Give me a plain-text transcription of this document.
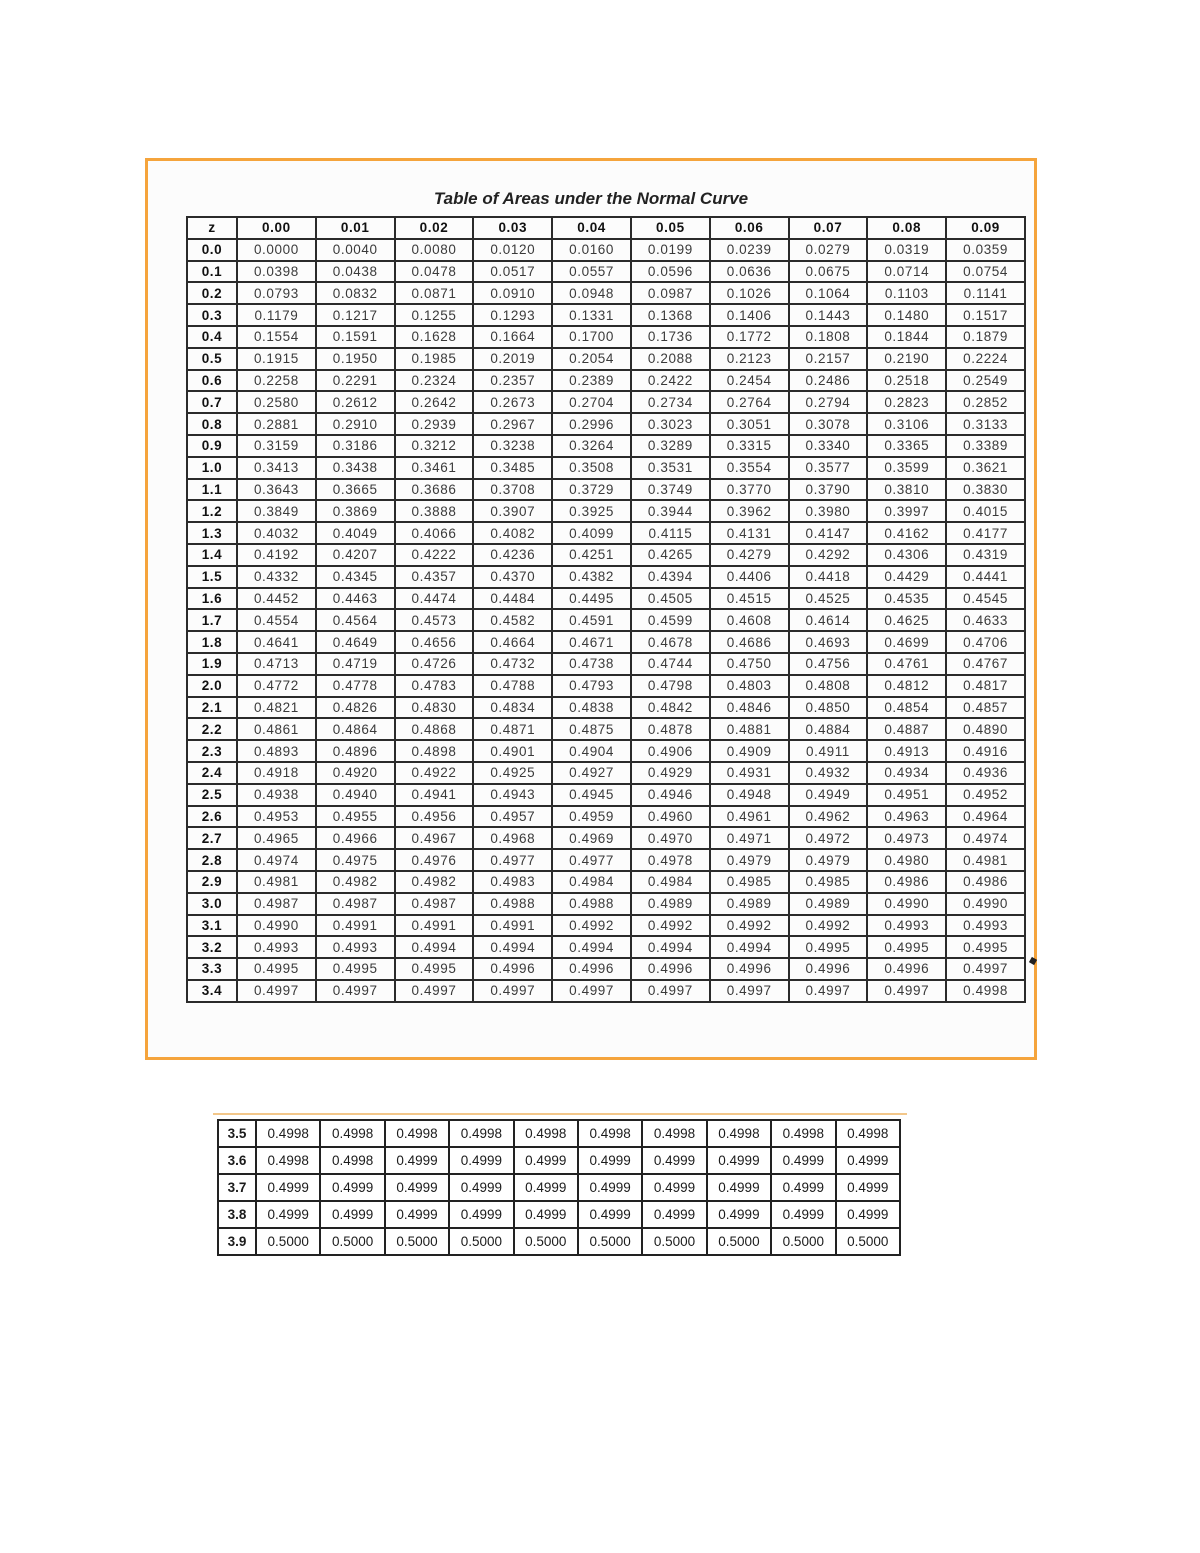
Table of Areas under the Normal Curve
z	0.00	0.01	0.02	0.03	0.04	0.05	0.06	0.07	0.08	0.09
0.0	0.0000	0.0040	0.0080	0.0120	0.0160	0.0199	0.0239	0.0279	0.0319	0.0359
0.1	0.0398	0.0438	0.0478	0.0517	0.0557	0.0596	0.0636	0.0675	0.0714	0.0754
0.2	0.0793	0.0832	0.0871	0.0910	0.0948	0.0987	0.1026	0.1064	0.1103	0.1141
0.3	0.1179	0.1217	0.1255	0.1293	0.1331	0.1368	0.1406	0.1443	0.1480	0.1517
0.4	0.1554	0.1591	0.1628	0.1664	0.1700	0.1736	0.1772	0.1808	0.1844	0.1879
0.5	0.1915	0.1950	0.1985	0.2019	0.2054	0.2088	0.2123	0.2157	0.2190	0.2224
0.6	0.2258	0.2291	0.2324	0.2357	0.2389	0.2422	0.2454	0.2486	0.2518	0.2549
0.7	0.2580	0.2612	0.2642	0.2673	0.2704	0.2734	0.2764	0.2794	0.2823	0.2852
0.8	0.2881	0.2910	0.2939	0.2967	0.2996	0.3023	0.3051	0.3078	0.3106	0.3133
0.9	0.3159	0.3186	0.3212	0.3238	0.3264	0.3289	0.3315	0.3340	0.3365	0.3389
1.0	0.3413	0.3438	0.3461	0.3485	0.3508	0.3531	0.3554	0.3577	0.3599	0.3621
1.1	0.3643	0.3665	0.3686	0.3708	0.3729	0.3749	0.3770	0.3790	0.3810	0.3830
1.2	0.3849	0.3869	0.3888	0.3907	0.3925	0.3944	0.3962	0.3980	0.3997	0.4015
1.3	0.4032	0.4049	0.4066	0.4082	0.4099	0.4115	0.4131	0.4147	0.4162	0.4177
1.4	0.4192	0.4207	0.4222	0.4236	0.4251	0.4265	0.4279	0.4292	0.4306	0.4319
1.5	0.4332	0.4345	0.4357	0.4370	0.4382	0.4394	0.4406	0.4418	0.4429	0.4441
1.6	0.4452	0.4463	0.4474	0.4484	0.4495	0.4505	0.4515	0.4525	0.4535	0.4545
1.7	0.4554	0.4564	0.4573	0.4582	0.4591	0.4599	0.4608	0.4614	0.4625	0.4633
1.8	0.4641	0.4649	0.4656	0.4664	0.4671	0.4678	0.4686	0.4693	0.4699	0.4706
1.9	0.4713	0.4719	0.4726	0.4732	0.4738	0.4744	0.4750	0.4756	0.4761	0.4767
2.0	0.4772	0.4778	0.4783	0.4788	0.4793	0.4798	0.4803	0.4808	0.4812	0.4817
2.1	0.4821	0.4826	0.4830	0.4834	0.4838	0.4842	0.4846	0.4850	0.4854	0.4857
2.2	0.4861	0.4864	0.4868	0.4871	0.4875	0.4878	0.4881	0.4884	0.4887	0.4890
2.3	0.4893	0.4896	0.4898	0.4901	0.4904	0.4906	0.4909	0.4911	0.4913	0.4916
2.4	0.4918	0.4920	0.4922	0.4925	0.4927	0.4929	0.4931	0.4932	0.4934	0.4936
2.5	0.4938	0.4940	0.4941	0.4943	0.4945	0.4946	0.4948	0.4949	0.4951	0.4952
2.6	0.4953	0.4955	0.4956	0.4957	0.4959	0.4960	0.4961	0.4962	0.4963	0.4964
2.7	0.4965	0.4966	0.4967	0.4968	0.4969	0.4970	0.4971	0.4972	0.4973	0.4974
2.8	0.4974	0.4975	0.4976	0.4977	0.4977	0.4978	0.4979	0.4979	0.4980	0.4981
2.9	0.4981	0.4982	0.4982	0.4983	0.4984	0.4984	0.4985	0.4985	0.4986	0.4986
3.0	0.4987	0.4987	0.4987	0.4988	0.4988	0.4989	0.4989	0.4989	0.4990	0.4990
3.1	0.4990	0.4991	0.4991	0.4991	0.4992	0.4992	0.4992	0.4992	0.4993	0.4993
3.2	0.4993	0.4993	0.4994	0.4994	0.4994	0.4994	0.4994	0.4995	0.4995	0.4995
3.3	0.4995	0.4995	0.4995	0.4996	0.4996	0.4996	0.4996	0.4996	0.4996	0.4997
3.4	0.4997	0.4997	0.4997	0.4997	0.4997	0.4997	0.4997	0.4997	0.4997	0.4998
3.5	0.4998	0.4998	0.4998	0.4998	0.4998	0.4998	0.4998	0.4998	0.4998	0.4998
3.6	0.4998	0.4998	0.4999	0.4999	0.4999	0.4999	0.4999	0.4999	0.4999	0.4999
3.7	0.4999	0.4999	0.4999	0.4999	0.4999	0.4999	0.4999	0.4999	0.4999	0.4999
3.8	0.4999	0.4999	0.4999	0.4999	0.4999	0.4999	0.4999	0.4999	0.4999	0.4999
3.9	0.5000	0.5000	0.5000	0.5000	0.5000	0.5000	0.5000	0.5000	0.5000	0.5000
